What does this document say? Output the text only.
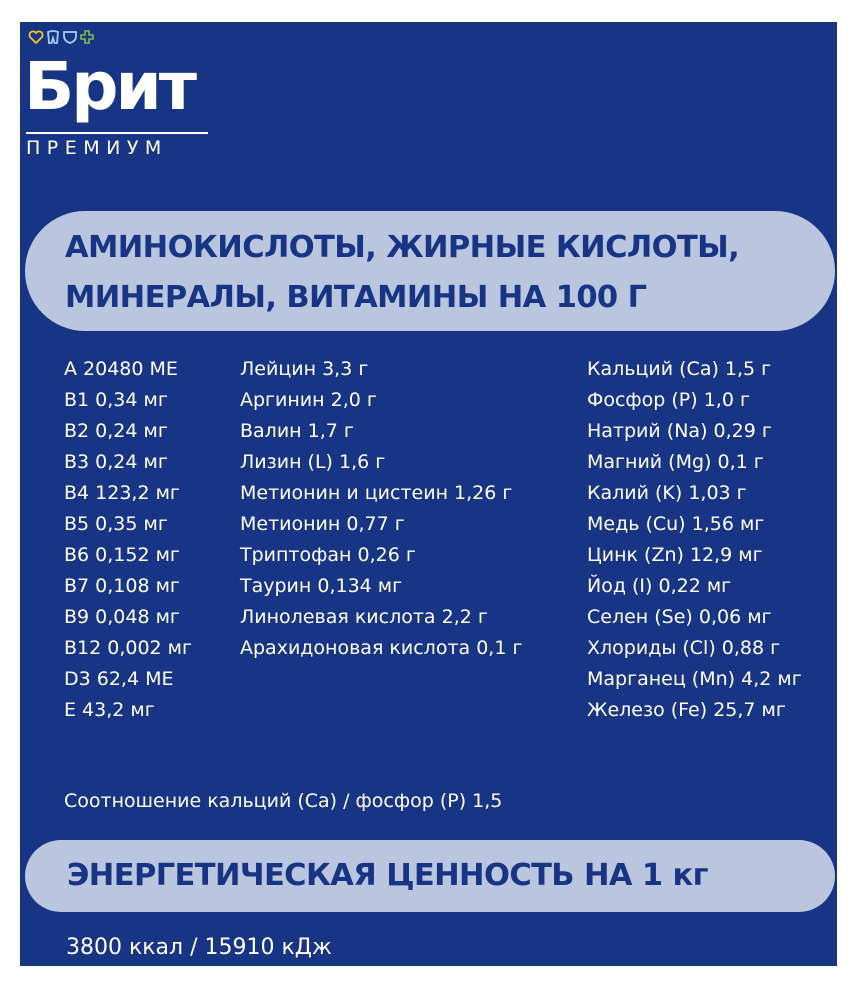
Брит
ПРЕМИУМ
АМИНОКИСЛОТЫ, ЖИРНЫЕ КИСЛОТЫ,
МИНЕРАЛЫ, ВИТАМИНЫ НА 100 Г
A 20480 МЕ
B1 0,34 мг
B2 0,24 мг
B3 0,24 мг
B4 123,2 мг
B5 0,35 мг
B6 0,152 мг
B7 0,108 мг
B9 0,048 мг
B12 0,002 мг
D3 62,4 МЕ
E 43,2 мг
Лейцин 3,3 г
Аргинин 2,0 г
Валин 1,7 г
Лизин (L) 1,6 г
Метионин и цистеин 1,26 г
Метионин 0,77 г
Триптофан 0,26 г
Таурин 0,134 мг
Линолевая кислота 2,2 г
Арахидоновая кислота 0,1 г
Кальций (Ca) 1,5 г
Фосфор (P) 1,0 г
Натрий (Na) 0,29 г
Магний (Mg) 0,1 г
Калий (K) 1,03 г
Медь (Cu) 1,56 мг
Цинк (Zn) 12,9 мг
Йод (I) 0,22 мг
Селен (Se) 0,06 мг
Хлориды (Cl) 0,88 г
Марганец (Mn) 4,2 мг
Железо (Fe) 25,7 мг
Соотношение кальций (Ca) / фосфор (P) 1,5
ЭНЕРГЕТИЧЕСКАЯ ЦЕННОСТЬ НА 1 кг
3800 ккал / 15910 кДж
